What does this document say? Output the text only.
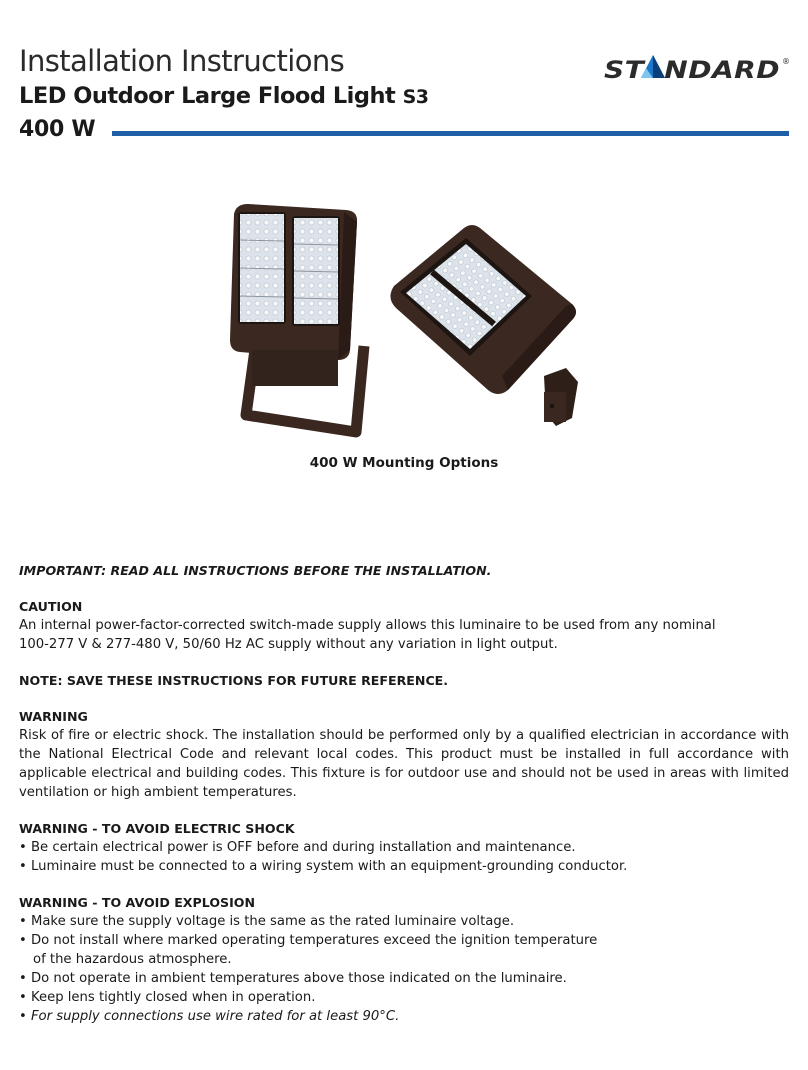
Installation Instructions
LED Outdoor Large Flood Light S3
400 W
ST NDARD	®
400 W Mounting Options

IMPORTANT: READ ALL INSTRUCTIONS BEFORE THE INSTALLATION.

CAUTION

An internal power-factor-corrected switch-made supply allows this luminaire to be used from any nominal

100-277 V & 277-480 V, 50/60 Hz AC supply without any variation in light output.

NOTE: SAVE THESE INSTRUCTIONS FOR FUTURE REFERENCE.

WARNING

Risk of fire or electric shock. The installation should be performed only by a qualified electrician in accordance with the National Electrical Code and relevant local codes. This product must be installed in full accordance with applicable electrical and building codes. This fixture is for outdoor use and should not be used in areas with limited ventilation or high ambient temperatures.

WARNING - TO AVOID ELECTRIC SHOCK

• Be certain electrical power is OFF before and during installation and maintenance.

• Luminaire must be connected to a wiring system with an equipment-grounding conductor.

WARNING - TO AVOID EXPLOSION

• Make sure the supply voltage is the same as the rated luminaire voltage.

• Do not install where marked operating temperatures exceed the ignition temperature

of the hazardous atmosphere.

• Do not operate in ambient temperatures above those indicated on the luminaire.

• Keep lens tightly closed when in operation.

• For supply connections use wire rated for at least 90°C.
